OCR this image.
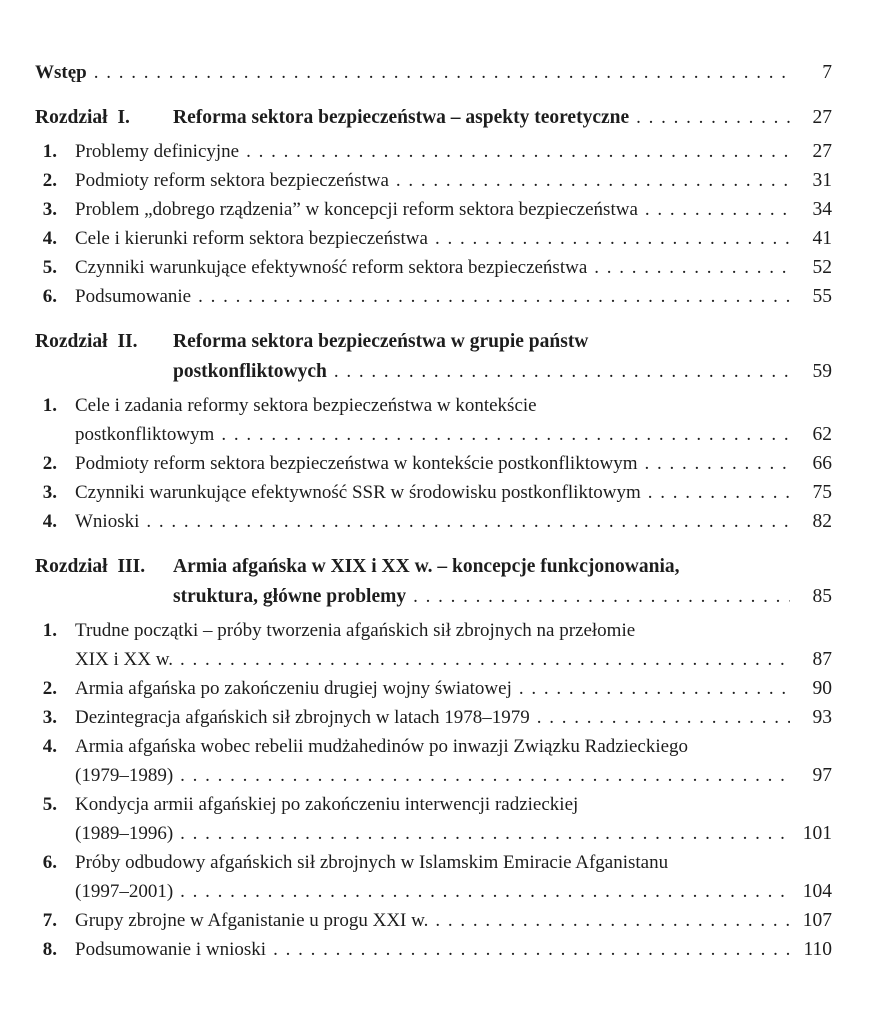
Wstęp . . .	7
Rozdział I.	Reforma sektora bezpieczeństwa – aspekty teoretyczne . . .	27
1. Problemy definicyjne . . .	27
2. Podmioty reform sektora bezpieczeństwa . . .	31
3. Problem „dobrego rządzenia” w koncepcji reform sektora bezpieczeństwa . . .	34
4. Cele i kierunki reform sektora bezpieczeństwa . . .	41
5. Czynniki warunkujące efektywność reform sektora bezpieczeństwa . . .	52
6. Podsumowanie . . .	55
Rozdział II.	Reforma sektora bezpieczeństwa w grupie państw
postkonfliktowych . . .	59
1. Cele i zadania reformy sektora bezpieczeństwa w kontekście
postkonfliktowym . . .	62
2. Podmioty reform sektora bezpieczeństwa w kontekście postkonfliktowym . . .	66
3. Czynniki warunkujące efektywność SSR w środowisku postkonfliktowym . . .	75
4. Wnioski . . .	82
Rozdział III.	Armia afgańska w XIX i XX w. – koncepcje funkcjonowania,
struktura, główne problemy . . .	85
1. Trudne początki – próby tworzenia afgańskich sił zbrojnych na przełomie
XIX i XX w. . . .	87
2. Armia afgańska po zakończeniu drugiej wojny światowej . . .	90
3. Dezintegracja afgańskich sił zbrojnych w latach 1978–1979 . . .	93
4. Armia afgańska wobec rebelii mudżahedinów po inwazji Związku Radzieckiego
(1979–1989) . . .	97
5. Kondycja armii afgańskiej po zakończeniu interwencji radzieckiej
(1989–1996) . . .	101
6. Próby odbudowy afgańskich sił zbrojnych w Islamskim Emiracie Afganistanu
(1997–2001) . . .	104
7. Grupy zbrojne w Afganistanie u progu XXI w. . . .	107
8. Podsumowanie i wnioski . . .	110
